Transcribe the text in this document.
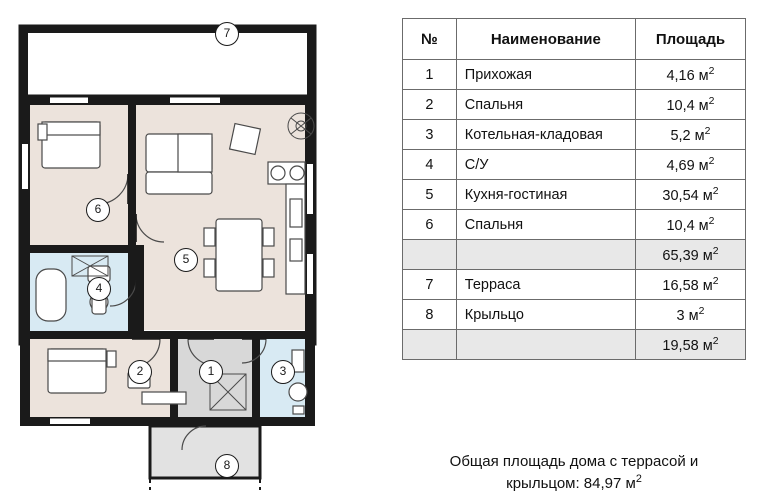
7
6
5
4
2	1	3
8
№	Наименование	Площадь
1	Прихожая	4,16 $м^2$
2	Спальня	10,4 $м^2$
3	Котельная-кладовая	5,2 $м^2$
4	С/У	4,69 $м^2$
5	Кухня-гостиная	30,54 $м^2$
6	Спальня	10,4 $м^2$
		65,39 $м^2$
7	Терраса	16,58 $м^2$
8	Крыльцо	3 $м^2$
		19,58 $м^2$
Общая площадь дома с террасой и
крыльцом: 84,97 $м^2$
